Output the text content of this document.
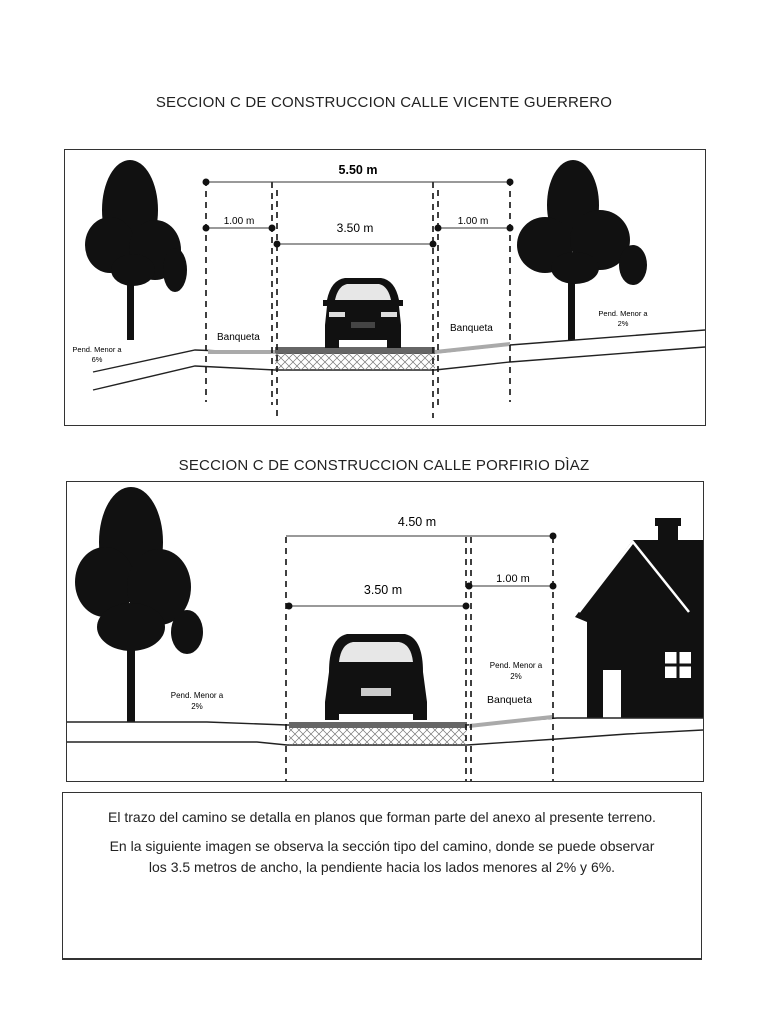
SECCION C DE CONSTRUCCION CALLE VICENTE GUERRERO
5.50 m
1.00 m	3.50 m	1.00 m
Banqueta
Banqueta
Pend. Menor a
6%
Pend. Menor a
2%
SECCION C DE CONSTRUCCION CALLE PORFIRIO DÌAZ
4.50 m
3.50 m
1.00 m
Pend. Menor a
2%
Pend. Menor a
2%
Banqueta

El trazo del camino se detalla en planos que forman parte del anexo al presente terreno.

En la siguiente imagen se observa la sección tipo del camino, donde se puede observar los 3.5 metros de ancho, la pendiente hacia los lados menores al 2% y 6%.
